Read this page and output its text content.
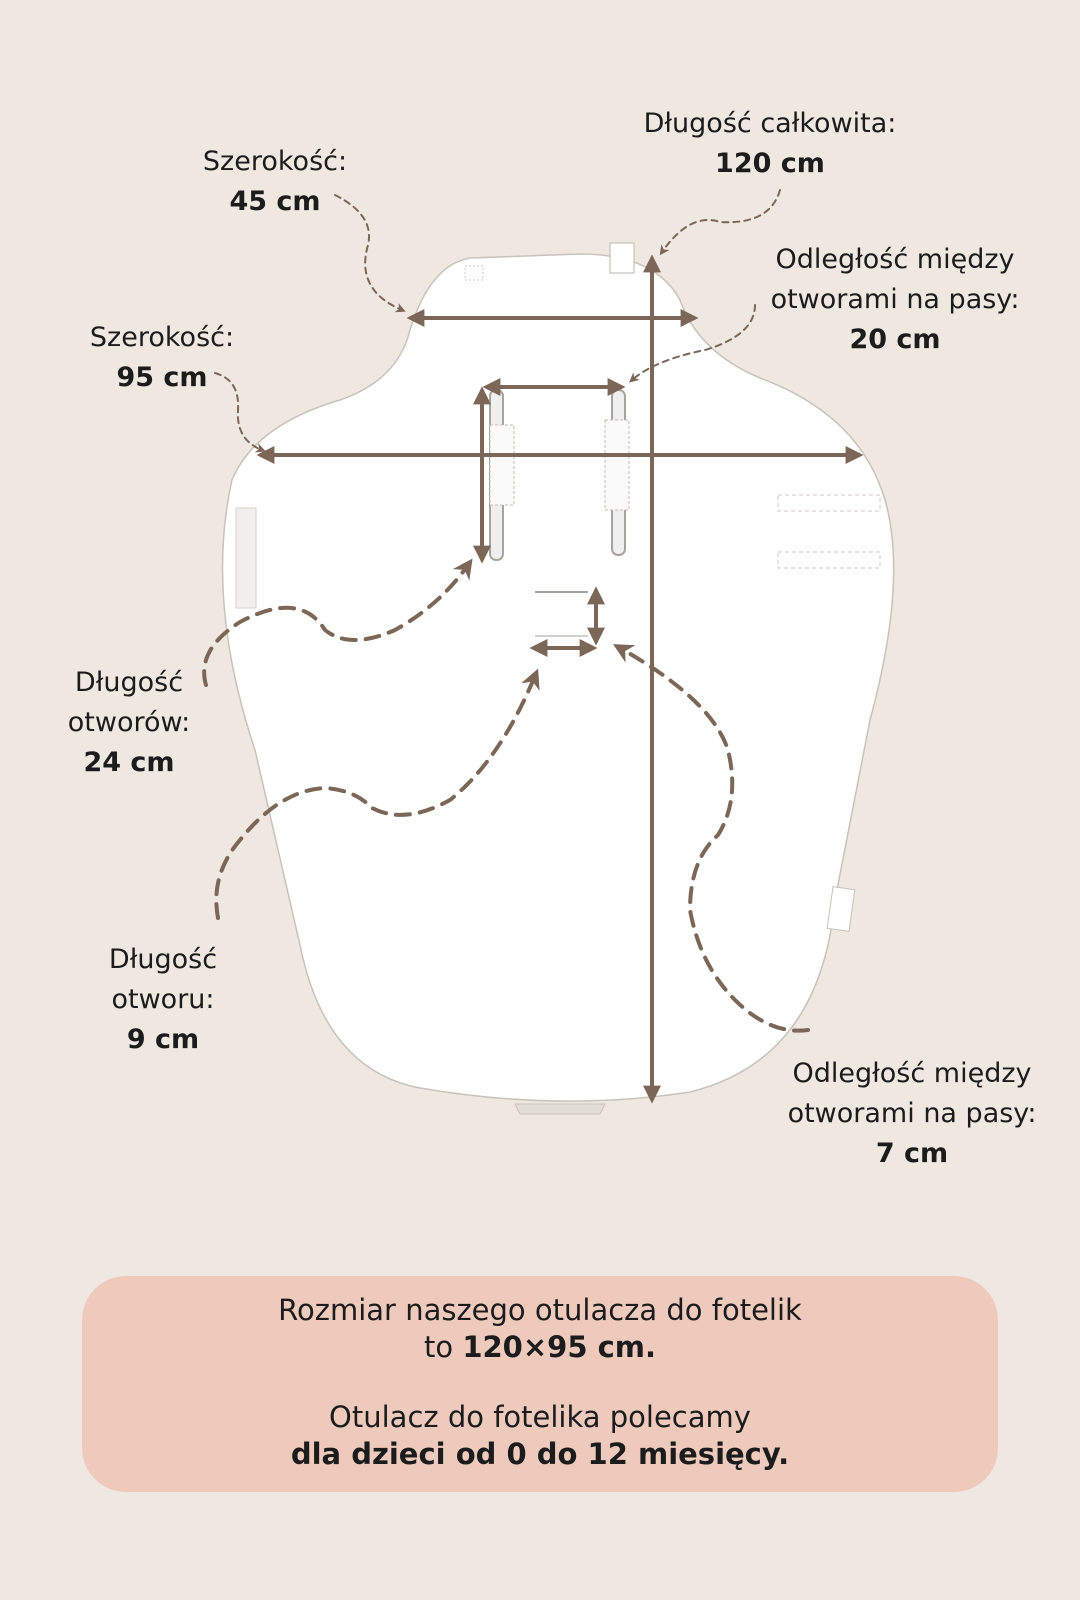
Długość całkowita:
120 cm
Szerokość:
45 cm
Odległość między
otworami na pasy:
20 cm
Szerokość:
95 cm
Długość
otworów:
24 cm
Długość
otworu:
9 cm
Odległość między
otworami na pasy:
7 cm

Rozmiar naszego otulacza do fotelik

to 120×95 cm.

Otulacz do fotelika polecamy

dla dzieci od 0 do 12 miesięcy.
